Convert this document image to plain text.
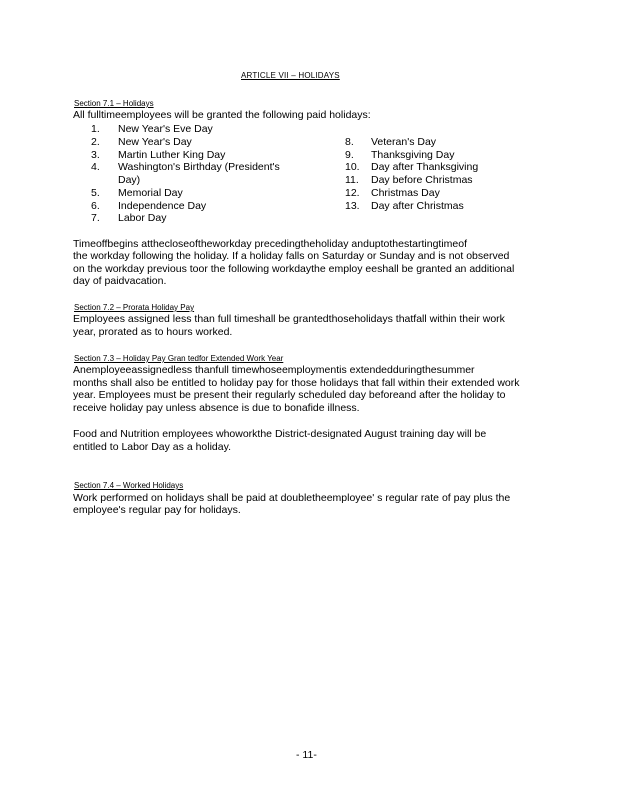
ARTICLE VII – HOLIDAYS
Section 7.1 – Holidays
All fulltimeemployees will be granted the following paid holidays:
1. New Year's Eve Day
2. New Year's Day
3. Martin Luther King Day
4. Washington's Birthday (President's
Day)
5. Memorial Day
6. Independence Day
7. Labor Day
8. Veteran's Day
9. Thanksgiving Day
10. Day after Thanksgiving
11. Day before Christmas
12. Christmas Day
13. Day after Christmas
Timeoffbegins atthecloseoftheworkday precedingtheholiday anduptothestartingtimeof
the workday following the holiday. If a holiday falls on Saturday or Sunday and is not observed
on the workday previous toor the following workdaythe employ eeshall be granted an additional
day of paidvacation.
Section 7.2 – Prorata Holiday Pay
Employees assigned less than full timeshall be grantedthoseholidays thatfall within their work
year, prorated as to hours worked.
Section 7.3 – Holiday Pay Gran tedfor Extended Work Year
Anemployeeassignedless thanfull timewhoseemploymentis extendedduringthesummer
months shall also be entitled to holiday pay for those holidays that fall within their extended work
year. Employees must be present their regularly scheduled day beforeand after the holiday to
receive holiday pay unless absence is due to bonafide illness.
Food and Nutrition employees whoworkthe District-designated August training day will be
entitled to Labor Day as a holiday.
Section 7.4 – Worked Holidays
Work performed on holidays shall be paid at doubletheemployee' s regular rate of pay plus the
employee's regular pay for holidays.
- 11-
